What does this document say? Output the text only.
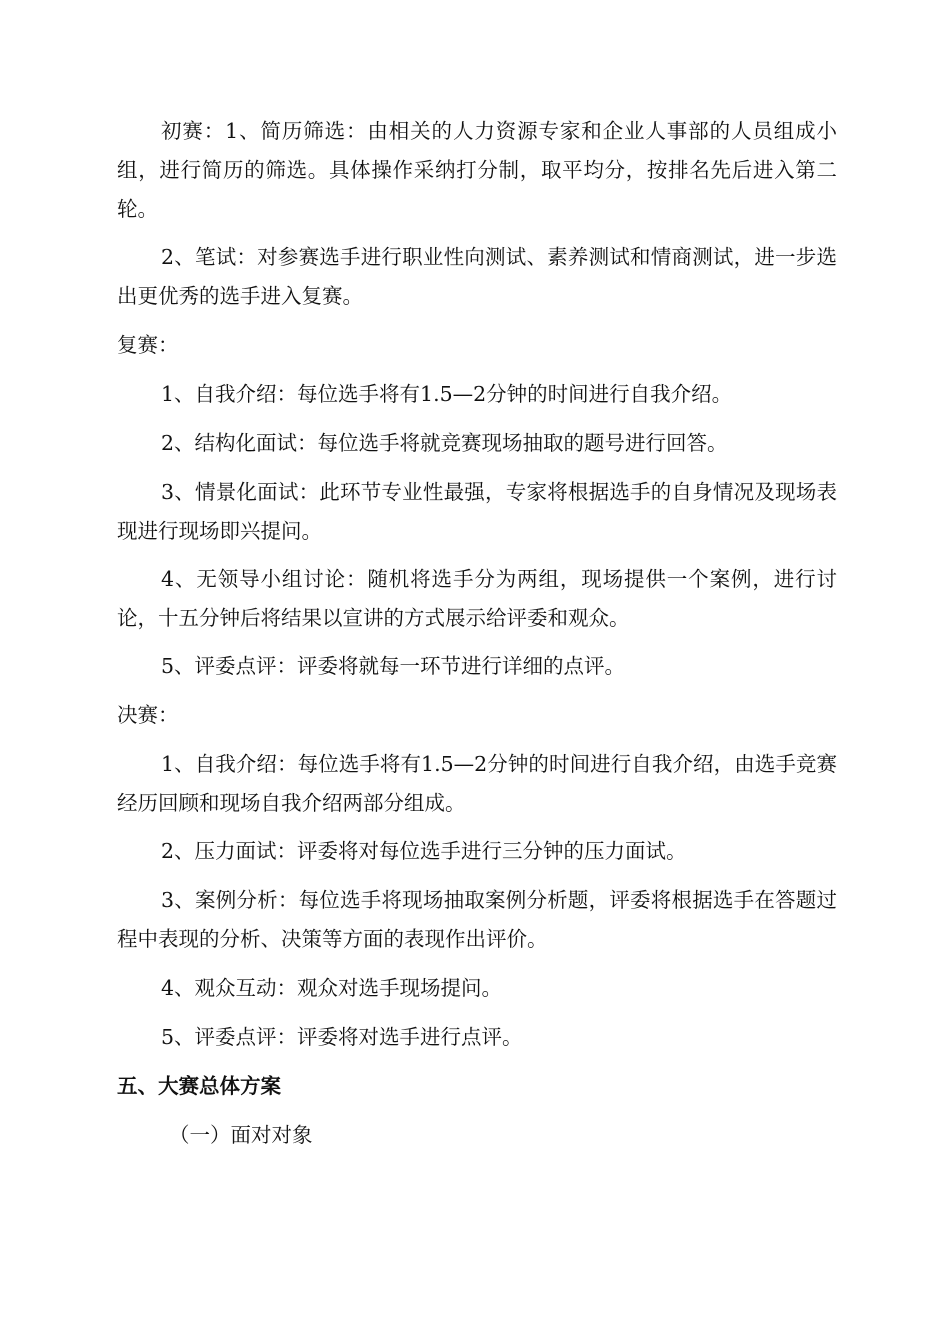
初赛：1、简历筛选：由相关的人力资源专家和企业人事部的人员组成小组，进行简历的筛选。具体操作采纳打分制，取平均分，按排名先后进入第二轮。

2、笔试：对参赛选手进行职业性向测试、素养测试和情商测试，进一步选出更优秀的选手进入复赛。

复赛：

1、自我介绍：每位选手将有1.5—2分钟的时间进行自我介绍。

2、结构化面试：每位选手将就竞赛现场抽取的题号进行回答。

3、情景化面试：此环节专业性最强，专家将根据选手的自身情况及现场表现进行现场即兴提问。

4、无领导小组讨论：随机将选手分为两组，现场提供一个案例，进行讨论，十五分钟后将结果以宣讲的方式展示给评委和观众。

5、评委点评：评委将就每一环节进行详细的点评。

决赛：

1、自我介绍：每位选手将有1.5—2分钟的时间进行自我介绍，由选手竞赛经历回顾和现场自我介绍两部分组成。

2、压力面试：评委将对每位选手进行三分钟的压力面试。

3、案例分析：每位选手将现场抽取案例分析题，评委将根据选手在答题过程中表现的分析、决策等方面的表现作出评价。

4、观众互动：观众对选手现场提问。

5、评委点评：评委将对选手进行点评。

五、大赛总体方案

（一）面对对象
